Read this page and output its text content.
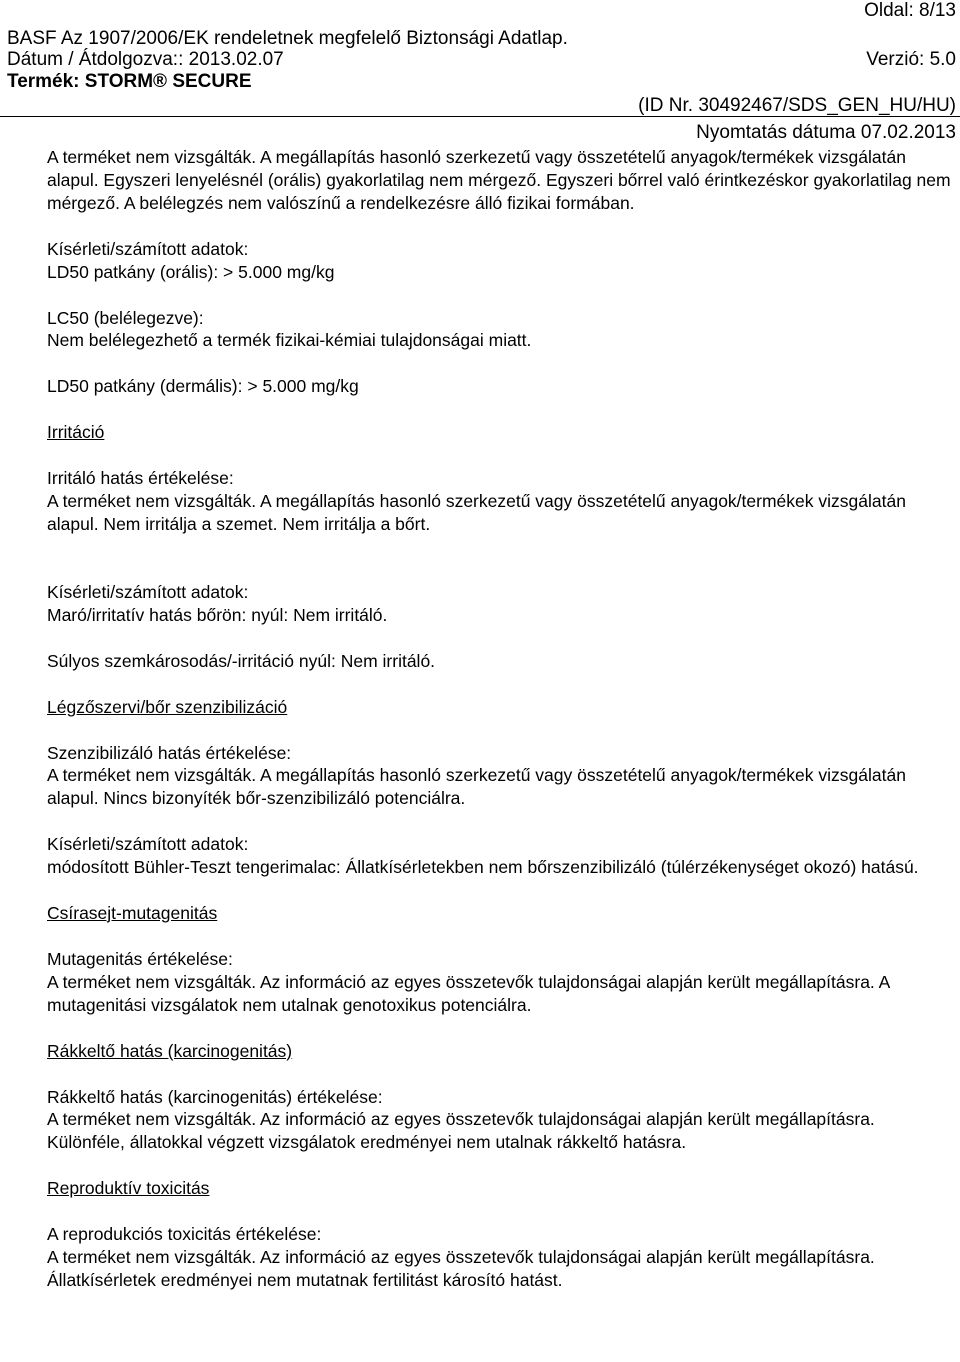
Oldal: 8/13
BASF Az 1907/2006/EK rendeletnek megfelelő Biztonsági Adatlap.
Dátum / Átdolgozva:: 2013.02.07	Verzió: 5.0
Termék: STORM® SECURE
(ID Nr. 30492467/SDS_GEN_HU/HU)
Nyomtatás dátuma 07.02.2013

A terméket nem vizsgálták. A megállapítás hasonló szerkezetű vagy összetételű anyagok/termékek vizsgálatán alapul. Egyszeri lenyelésnél (orális) gyakorlatilag nem mérgező. Egyszeri bőrrel való érintkezéskor gyakorlatilag nem mérgező. A belélegzés nem valószínű a rendelkezésre álló fizikai formában.

Kísérleti/számított adatok:

LD50 patkány (orális): > 5.000 mg/kg

LC50 (belélegezve):

Nem belélegezhető a termék fizikai-kémiai tulajdonságai miatt.

LD50 patkány (dermális): > 5.000 mg/kg

Irritáció

Irritáló hatás értékelése:

A terméket nem vizsgálták. A megállapítás hasonló szerkezetű vagy összetételű anyagok/termékek vizsgálatán alapul. Nem irritálja a szemet. Nem irritálja a bőrt.

Kísérleti/számított adatok:

Maró/irritatív hatás bőrön: nyúl: Nem irritáló.

Súlyos szemkárosodás/-irritáció nyúl: Nem irritáló.

Légzőszervi/bőr szenzibilizáció

Szenzibilizáló hatás értékelése:

A terméket nem vizsgálták. A megállapítás hasonló szerkezetű vagy összetételű anyagok/termékek vizsgálatán alapul. Nincs bizonyíték bőr-szenzibilizáló potenciálra.

Kísérleti/számított adatok:

módosított Bühler-Teszt tengerimalac: Állatkísérletekben nem bőrszenzibilizáló (túlérzékenységet okozó) hatású.

Csírasejt-mutagenitás

Mutagenitás értékelése:

A terméket nem vizsgálták. Az információ az egyes összetevők tulajdonságai alapján került megállapításra. A mutagenitási vizsgálatok nem utalnak genotoxikus potenciálra.

Rákkeltő hatás (karcinogenitás)

Rákkeltő hatás (karcinogenitás) értékelése:

A terméket nem vizsgálták. Az információ az egyes összetevők tulajdonságai alapján került megállapításra. Különféle, állatokkal végzett vizsgálatok eredményei nem utalnak rákkeltő hatásra.

Reproduktív toxicitás

A reprodukciós toxicitás értékelése:

A terméket nem vizsgálták. Az információ az egyes összetevők tulajdonságai alapján került megállapításra. Állatkísérletek eredményei nem mutatnak fertilitást károsító hatást.
